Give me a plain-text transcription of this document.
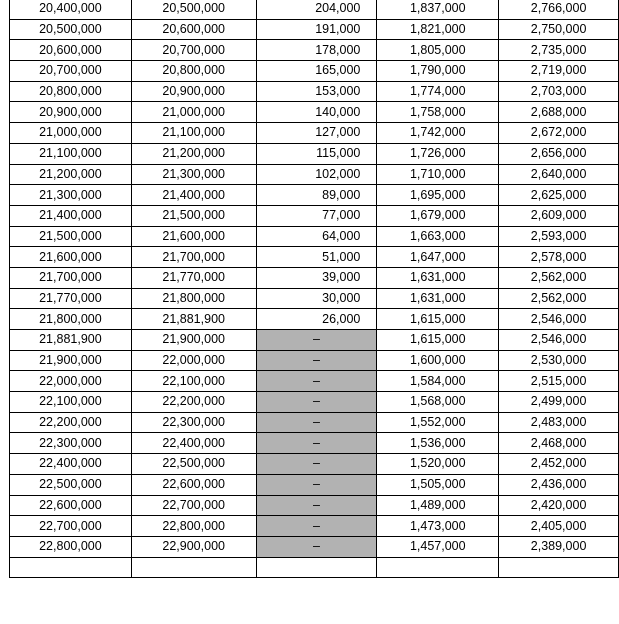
20,400,000	20,500,000	204,000	1,837,000	2,766,000
20,500,000	20,600,000	191,000	1,821,000	2,750,000
20,600,000	20,700,000	178,000	1,805,000	2,735,000
20,700,000	20,800,000	165,000	1,790,000	2,719,000
20,800,000	20,900,000	153,000	1,774,000	2,703,000
20,900,000	21,000,000	140,000	1,758,000	2,688,000
21,000,000	21,100,000	127,000	1,742,000	2,672,000
21,100,000	21,200,000	115,000	1,726,000	2,656,000
21,200,000	21,300,000	102,000	1,710,000	2,640,000
21,300,000	21,400,000	89,000	1,695,000	2,625,000
21,400,000	21,500,000	77,000	1,679,000	2,609,000
21,500,000	21,600,000	64,000	1,663,000	2,593,000
21,600,000	21,700,000	51,000	1,647,000	2,578,000
21,700,000	21,770,000	39,000	1,631,000	2,562,000
21,770,000	21,800,000	30,000	1,631,000	2,562,000
21,800,000	21,881,900	26,000	1,615,000	2,546,000
21,881,900	21,900,000	–	1,615,000	2,546,000
21,900,000	22,000,000	–	1,600,000	2,530,000
22,000,000	22,100,000	–	1,584,000	2,515,000
22,100,000	22,200,000	–	1,568,000	2,499,000
22,200,000	22,300,000	–	1,552,000	2,483,000
22,300,000	22,400,000	–	1,536,000	2,468,000
22,400,000	22,500,000	–	1,520,000	2,452,000
22,500,000	22,600,000	–	1,505,000	2,436,000
22,600,000	22,700,000	–	1,489,000	2,420,000
22,700,000	22,800,000	–	1,473,000	2,405,000
22,800,000	22,900,000	–	1,457,000	2,389,000
